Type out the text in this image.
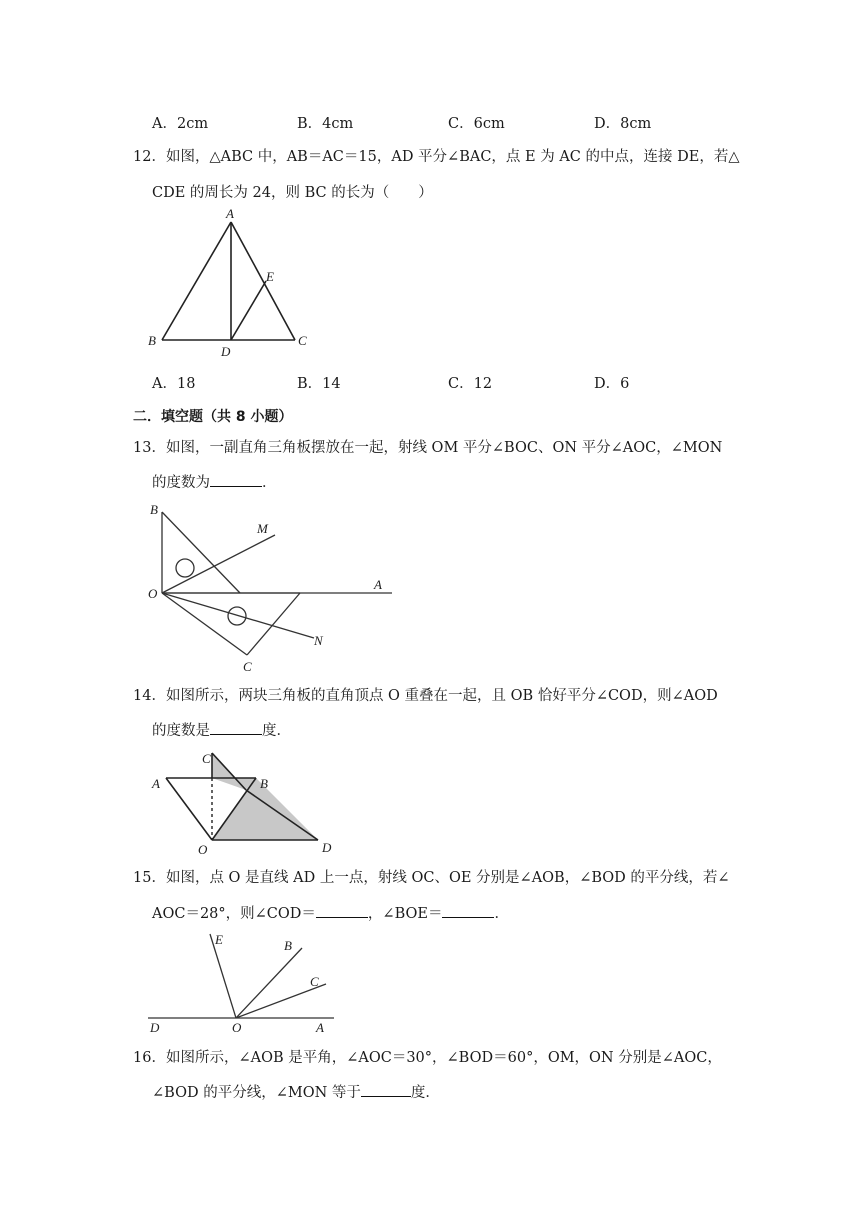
A．2cm	B．4cm	C．6cm	D．8cm
12．如图，△ABC 中，AB＝AC＝15，AD 平分∠BAC，点 E 为 AC 的中点，连接 DE，若△
CDE 的周长为 24，则 BC 的长为（　　）
A
B	C
D
E
A．18	B．14	C．12	D．6
二．填空题（共 8 小题）
13．如图，一副直角三角板摆放在一起，射线 OM 平分∠BOC、ON 平分∠AOC，∠MON
的度数为	．
B
M
O
A
N
C
14．如图所示，两块三角板的直角顶点 O 重叠在一起，且 OB 恰好平分∠COD，则∠AOD
的度数是	度．
C
A	B
O	D
15．如图，点 O 是直线 AD 上一点，射线 OC、OE 分别是∠AOB，∠BOD 的平分线，若∠
AOC＝28°，则∠COD＝	，∠BOE＝	．
E	B
C
D	O	A
16．如图所示，∠AOB 是平角，∠AOC＝30°，∠BOD＝60°，OM，ON 分别是∠AOC，
∠BOD 的平分线，∠MON 等于	度．
